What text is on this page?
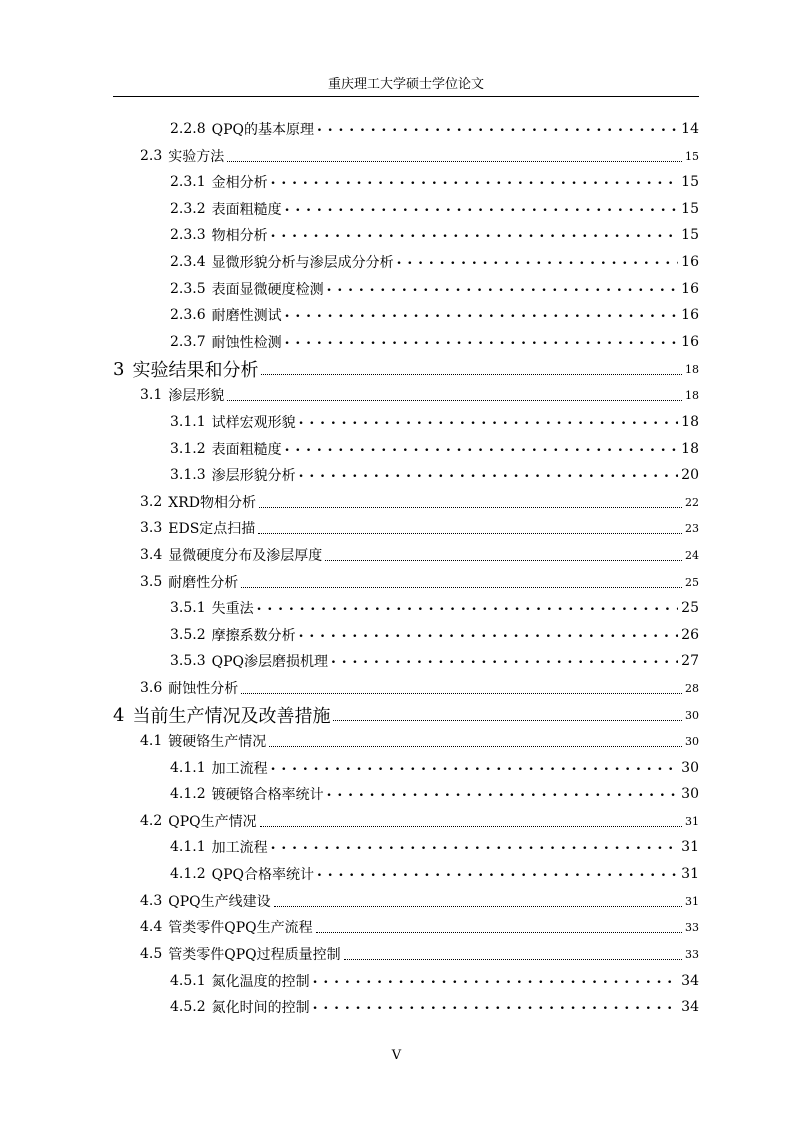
重庆理工大学硕士学位论文
2.2.8 QPQ的基本原理 . . .	14
2.3 实验方法	15
2.3.1 金相分析 . . .	15
2.3.2 表面粗糙度 . . .	15
2.3.3 物相分析 . . .	15
2.3.4 显微形貌分析与渗层成分分析 . . .	16
2.3.5 表面显微硬度检测 . . .	16
2.3.6 耐磨性测试 . . .	16
2.3.7 耐蚀性检测 . . .	16
3 实验结果和分析	18
3.1 渗层形貌	18
3.1.1 试样宏观形貌 . . .	18
3.1.2 表面粗糙度 . . .	18
3.1.3 渗层形貌分析 . . .	20
3.2 XRD物相分析	22
3.3 EDS定点扫描	23
3.4 显微硬度分布及渗层厚度	24
3.5 耐磨性分析	25
3.5.1 失重法 . . .	25
3.5.2 摩擦系数分析 . . .	26
3.5.3 QPQ渗层磨损机理 . . .	27
3.6 耐蚀性分析	28
4 当前生产情况及改善措施	30
4.1 镀硬铬生产情况	30
4.1.1 加工流程 . . .	30
4.1.2 镀硬铬合格率统计 . . .	30
4.2 QPQ生产情况	31
4.1.1 加工流程 . . .	31
4.1.2 QPQ合格率统计 . . .	31
4.3 QPQ生产线建设	31
4.4 管类零件QPQ生产流程	33
4.5 管类零件QPQ过程质量控制	33
4.5.1 氮化温度的控制 . . .	34
4.5.2 氮化时间的控制 . . .	34
V
